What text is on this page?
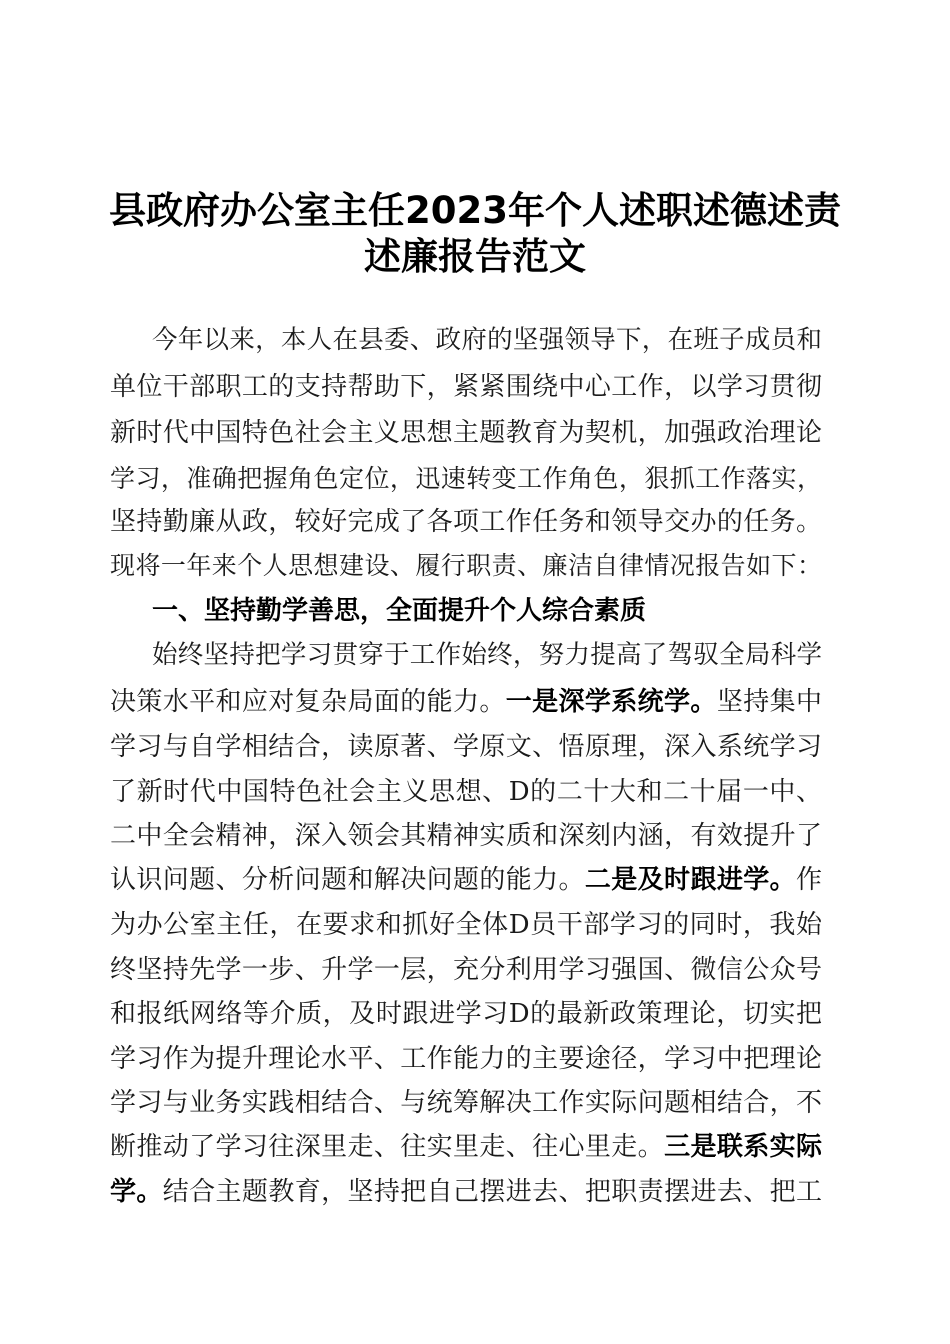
县政府办公室主任2023年个人述职述德述责
述廉报告范文
今年以来，本人在县委、政府的坚强领导下，在班子成员和
单位干部职工的支持帮助下，紧紧围绕中心工作，以学习贯彻
新时代中国特色社会主义思想主题教育为契机，加强政治理论
学习，准确把握角色定位，迅速转变工作角色，狠抓工作落实，
坚持勤廉从政，较好完成了各项工作任务和领导交办的任务。
现将一年来个人思想建设、履行职责、廉洁自律情况报告如下：
一、坚持勤学善思，全面提升个人综合素质
始终坚持把学习贯穿于工作始终，努力提高了驾驭全局科学
决策水平和应对复杂局面的能力。一是深学系统学。坚持集中
学习与自学相结合，读原著、学原文、悟原理，深入系统学习
了新时代中国特色社会主义思想、D的二十大和二十届一中、
二中全会精神，深入领会其精神实质和深刻内涵，有效提升了
认识问题、分析问题和解决问题的能力。二是及时跟进学。作
为办公室主任，在要求和抓好全体D员干部学习的同时，我始
终坚持先学一步、升学一层，充分利用学习强国、微信公众号
和报纸网络等介质，及时跟进学习D的最新政策理论，切实把
学习作为提升理论水平、工作能力的主要途径，学习中把理论
学习与业务实践相结合、与统筹解决工作实际问题相结合，不
断推动了学习往深里走、往实里走、往心里走。三是联系实际
学。结合主题教育，坚持把自己摆进去、把职责摆进去、把工
